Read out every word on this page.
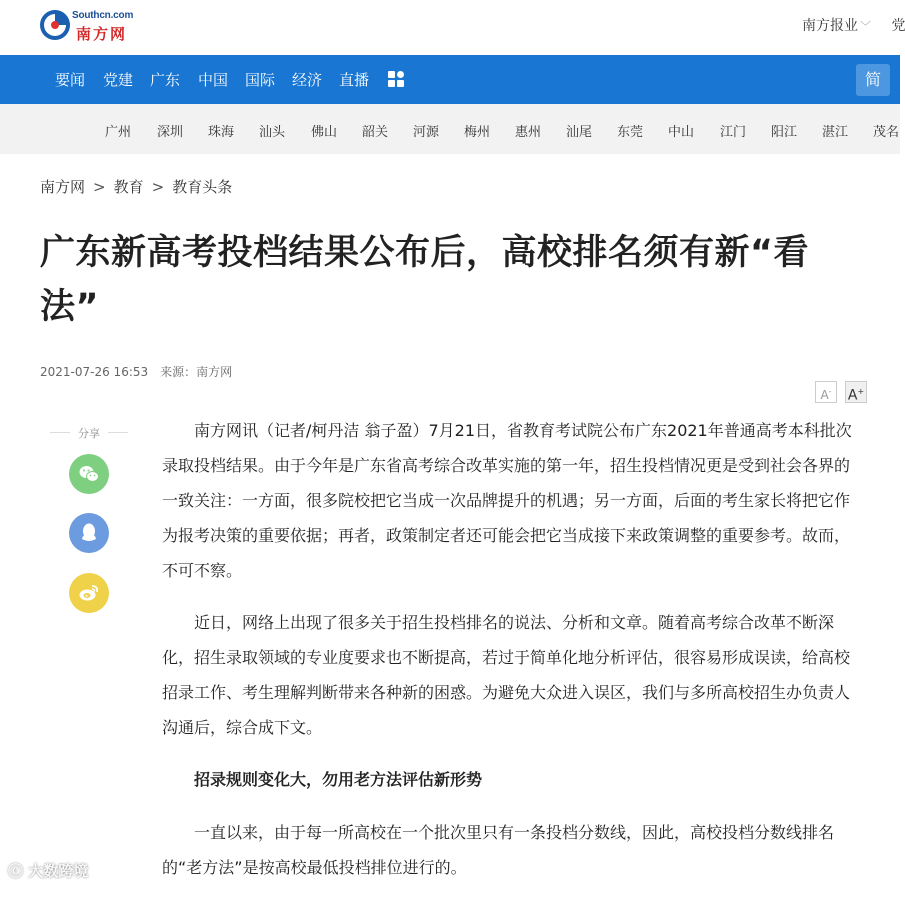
Southcn.com
南方网	南方报业 ﹀ 党
要闻 党建 广东 中国 国际 经济 直播	简
广州 深圳 珠海 汕头 佛山 韶关 河源 梅州 惠州 汕尾 东莞 中山 江门 阳江 湛江 茂名
南方网 > 教育 > 教育头条
广东新高考投档结果公布后，高校排名须有新“看法”
2021-07-26 16:53 来源：南方网
A-	A+
分享	南方网讯（记者/柯丹洁 翁子盈）7月21日，省教育考试院公布广东2021年普通高考本科批次录取投档结果。由于今年是广东省高考综合改革实施的第一年，招生投档情况更是受到社会各界的一致关注：一方面，很多院校把它当成一次品牌提升的机遇；另一方面，后面的考生家长将把它作为报考决策的重要依据；再者，政策制定者还可能会把它当成接下来政策调整的重要参考。故而，不可不察。

近日，网络上出现了很多关于招生投档排名的说法、分析和文章。随着高考综合改革不断深化，招生录取领域的专业度要求也不断提高，若过于简单化地分析评估，很容易形成误读，给高校招录工作、考生理解判断带来各种新的困惑。为避免大众进入误区，我们与多所高校招生办负责人沟通后，综合成下文。

招录规则变化大，勿用老方法评估新形势

一直以来，由于每一所高校在一个批次里只有一条投档分数线，因此，高校投档分数线排名的“老方法”是按高校最低投档排位进行的。

ⓒ 大数跨境
